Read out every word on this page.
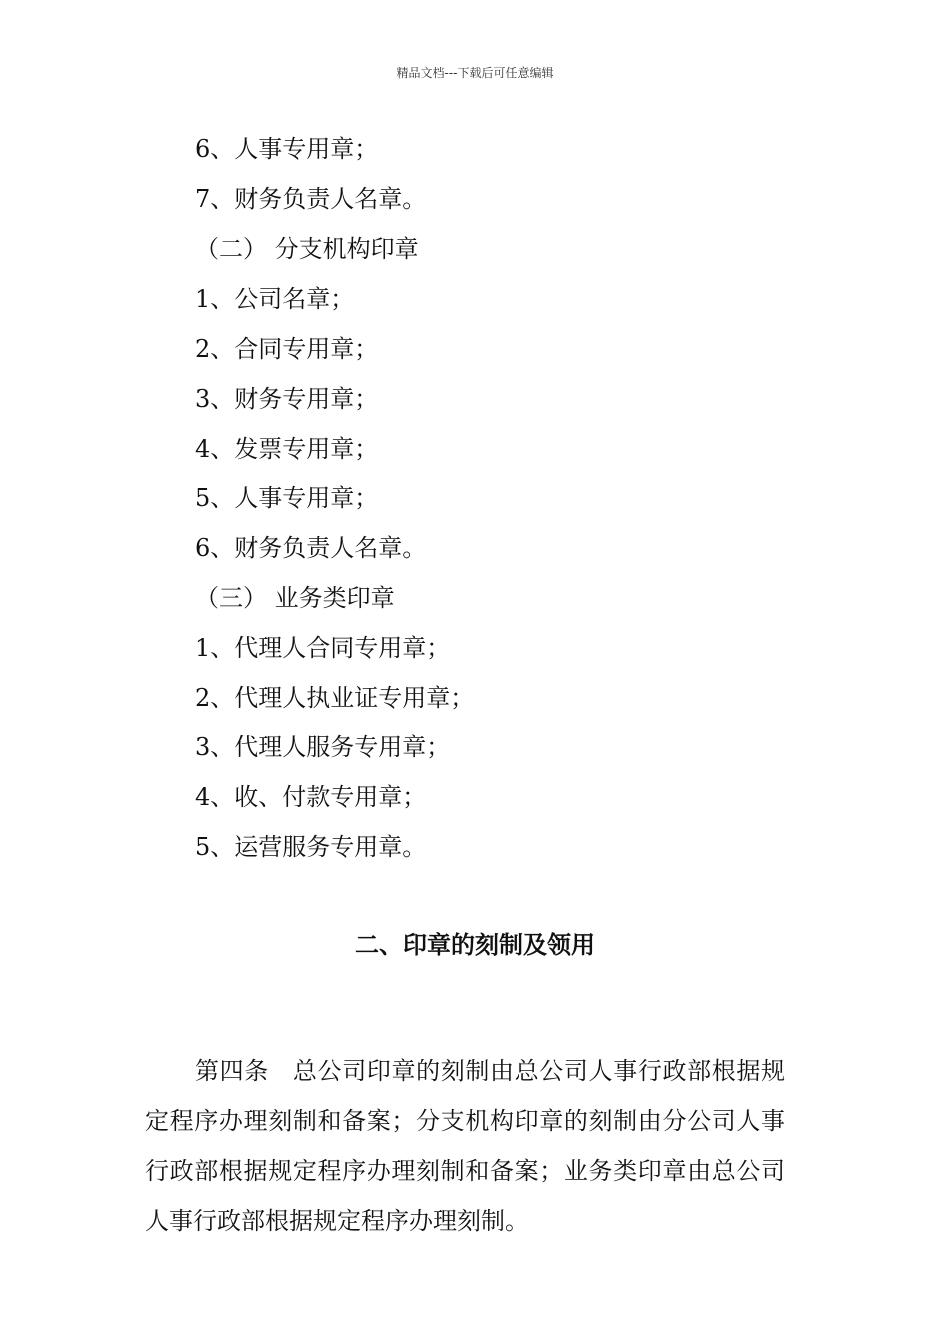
精品文档---下载后可任意编辑
6、人事专用章；
7、财务负责人名章。
（二） 分支机构印章
1、公司名章；
2、合同专用章；
3、财务专用章；
4、发票专用章；
5、人事专用章；
6、财务负责人名章。
（三） 业务类印章
1、代理人合同专用章；
2、代理人执业证专用章；
3、代理人服务专用章；
4、收、付款专用章；
5、运营服务专用章。
二、印章的刻制及领用

第四条 总公司印章的刻制由总公司人事行政部根据规定程序办理刻制和备案；分支机构印章的刻制由分公司人事行政部根据规定程序办理刻制和备案；业务类印章由总公司人事行政部根据规定程序办理刻制。
